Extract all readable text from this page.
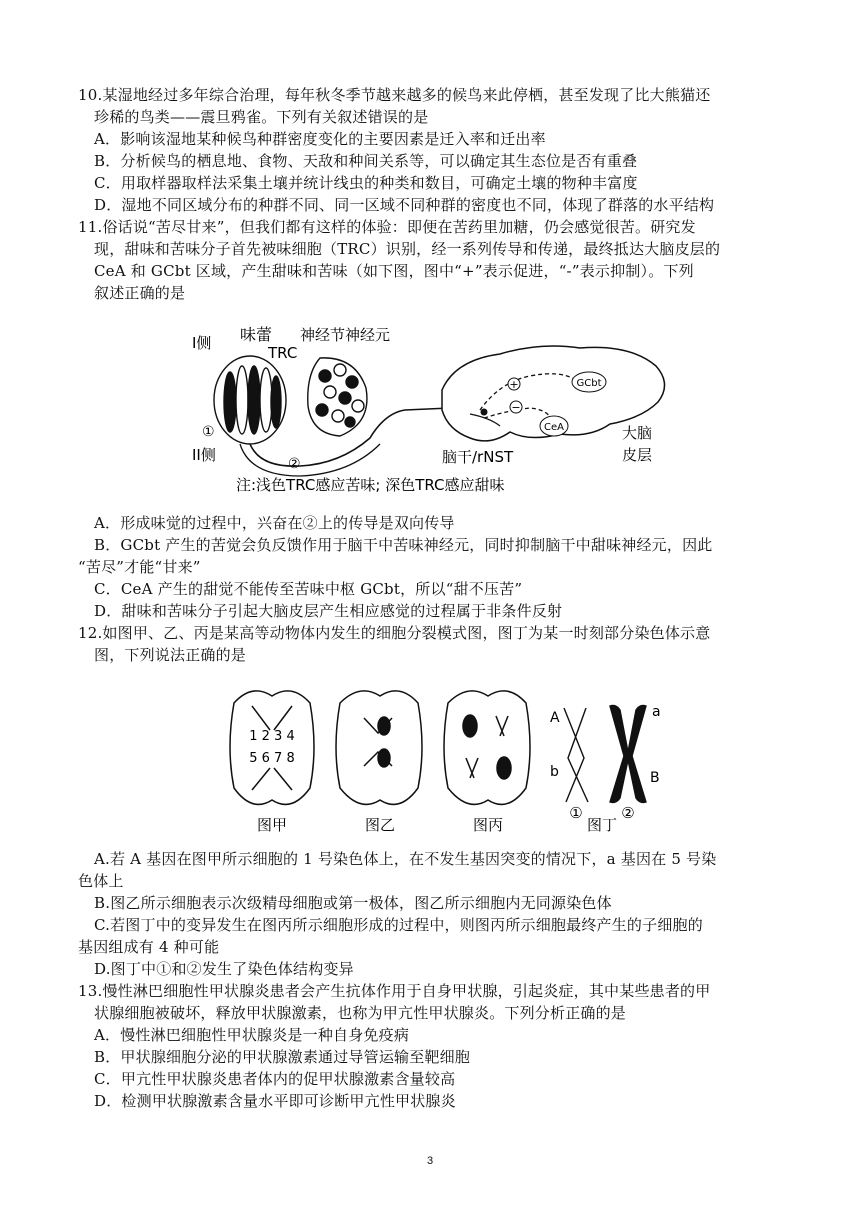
10.某湿地经过多年综合治理，每年秋冬季节越来越多的候鸟来此停栖，甚至发现了比大熊猫还
珍稀的鸟类——震旦鸦雀。下列有关叙述错误的是
A．影响该湿地某种候鸟种群密度变化的主要因素是迁入率和迁出率
B．分析候鸟的栖息地、食物、天敌和种间关系等，可以确定其生态位是否有重叠
C．用取样器取样法采集土壤并统计线虫的种类和数目，可确定土壤的物种丰富度
D．湿地不同区域分布的种群不同、同一区域不同种群的密度也不同，体现了群落的水平结构
11.俗话说“苦尽甘来”，但我们都有这样的体验：即便在苦药里加糖，仍会感觉很苦。研究发
现，甜味和苦味分子首先被味细胞（TRC）识别，经一系列传导和传递，最终抵达大脑皮层的
CeA 和 GCbt 区域，产生甜味和苦味（如下图，图中“+”表示促进，“-”表示抑制）。下列
叙述正确的是
I侧 味蕾
TRC
神经节神经元
①
II侧	②
+
−
GCbt
CeA	大脑
皮层
脑干/rNST
注:浅色TRC感应苦味; 深色TRC感应甜味
A．形成味觉的过程中，兴奋在②上的传导是双向传导
B．GCbt 产生的苦觉会负反馈作用于脑干中苦味神经元，同时抑制脑干中甜味神经元，因此
“苦尽”才能“甘来”
C．CeA 产生的甜觉不能传至苦味中枢 GCbt，所以“甜不压苦”
D．甜味和苦味分子引起大脑皮层产生相应感觉的过程属于非条件反射
12.如图甲、乙、丙是某高等动物体内发生的细胞分裂模式图，图丁为某一时刻部分染色体示意
图，下列说法正确的是
1 2 3 4
5 6 7 8
图甲	图乙	图丙
A	a
b	B
①	②
图丁
A.若 A 基因在图甲所示细胞的 1 号染色体上，在不发生基因突变的情况下，a 基因在 5 号染
色体上
B.图乙所示细胞表示次级精母细胞或第一极体，图乙所示细胞内无同源染色体
C.若图丁中的变异发生在图丙所示细胞形成的过程中，则图丙所示细胞最终产生的子细胞的
基因组成有 4 种可能
D.图丁中①和②发生了染色体结构变异
13.慢性淋巴细胞性甲状腺炎患者会产生抗体作用于自身甲状腺，引起炎症，其中某些患者的甲
状腺细胞被破坏，释放甲状腺激素，也称为甲亢性甲状腺炎。下列分析正确的是
A．慢性淋巴细胞性甲状腺炎是一种自身免疫病
B．甲状腺细胞分泌的甲状腺激素通过导管运输至靶细胞
C．甲亢性甲状腺炎患者体内的促甲状腺激素含量较高
D．检测甲状腺激素含量水平即可诊断甲亢性甲状腺炎
3
